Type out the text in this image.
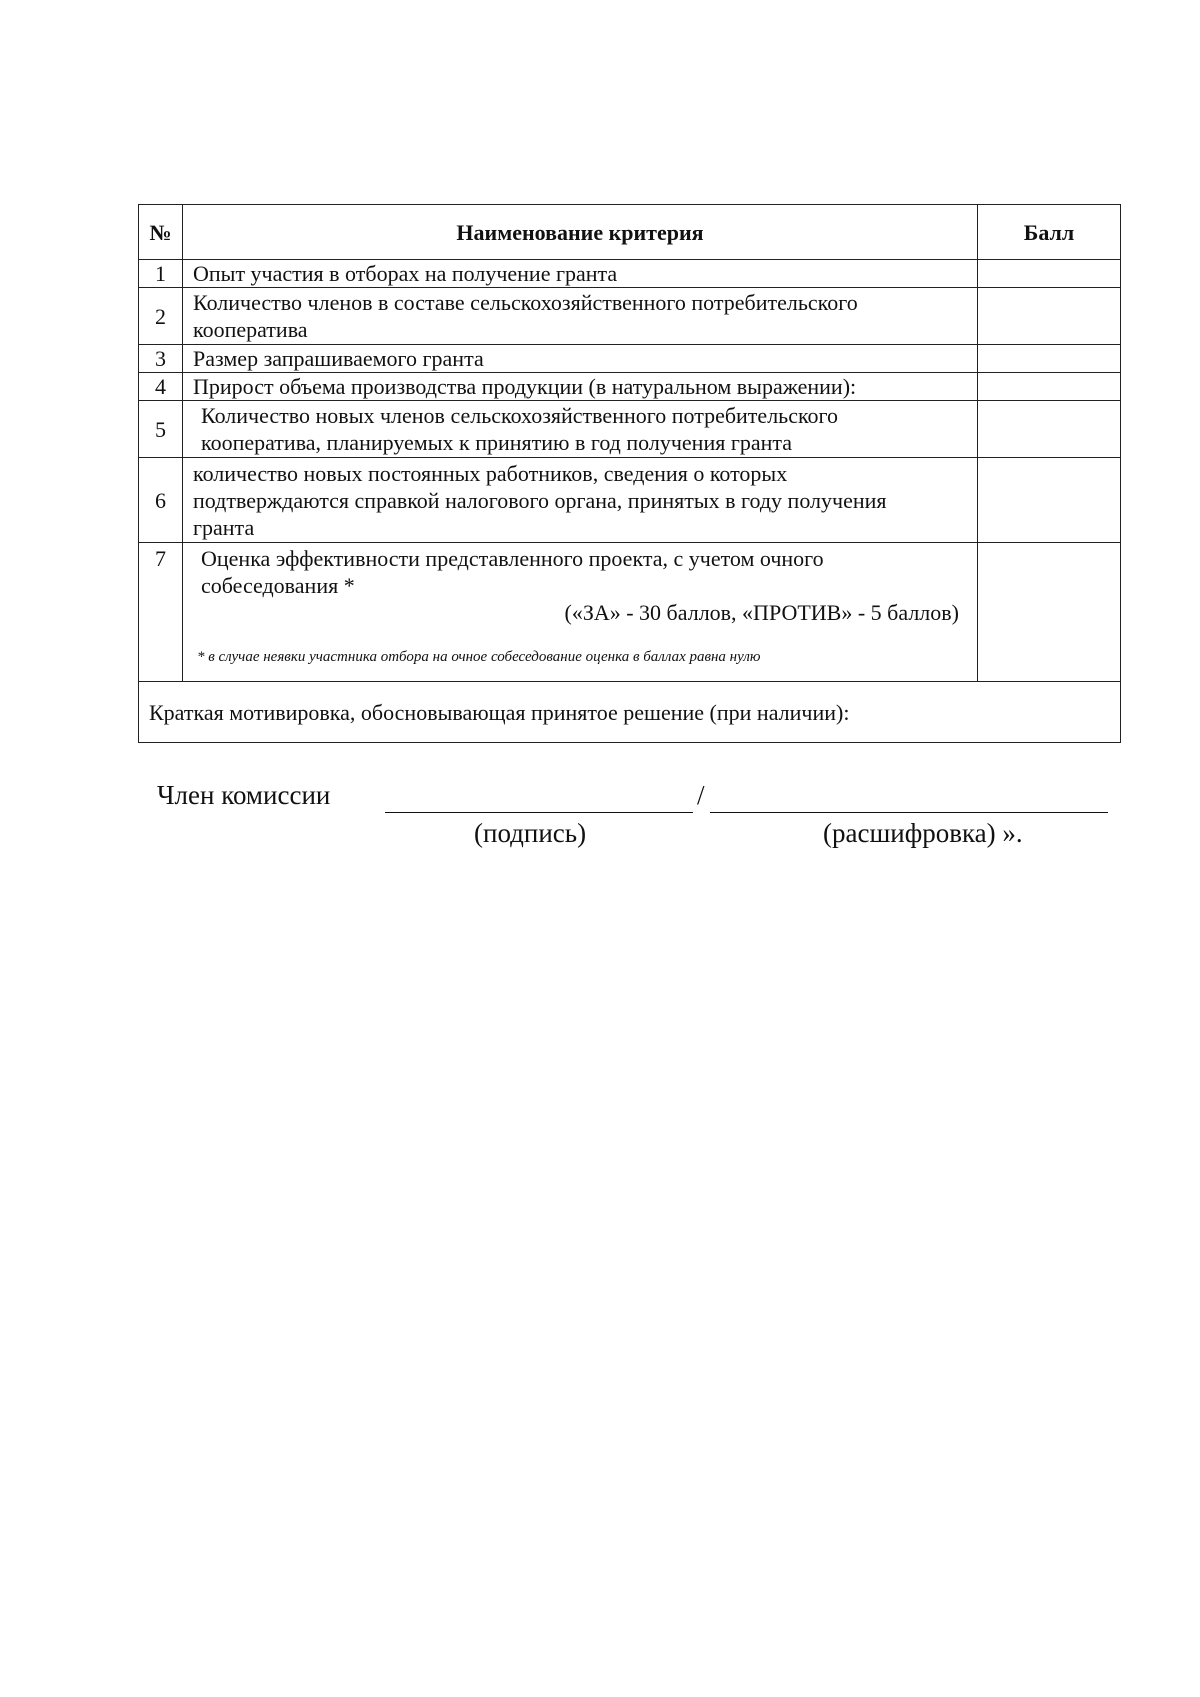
№	Наименование критерия	Балл
1	Опыт участия в отборах на получение гранта	

2	Количество членов в составе сельскохозяйственного потребительского
кооператива	

3	Размер запрашиваемого гранта	

4	Прирост объема производства продукции (в натуральном выражении):	

5	Количество новых членов сельскохозяйственного потребительского
кооператива, планируемых к принятию в год получения гранта	

6	количество новых постоянных работников, сведения о которых
подтверждаются справкой налогового органа, принятых в году получения
гранта	

7	Оценка эффективности представленного проекта, с учетом очного
собеседования *
(«ЗА» - 30 баллов, «ПРОТИВ» - 5 баллов)
* в случае неявки участника отбора на очное собеседование оценка в баллах равна нулю	

Краткая мотивировка, обосновывающая принятое решение (при наличии):		
Член комиссии	/
(подпись)	(расшифровка) ».
